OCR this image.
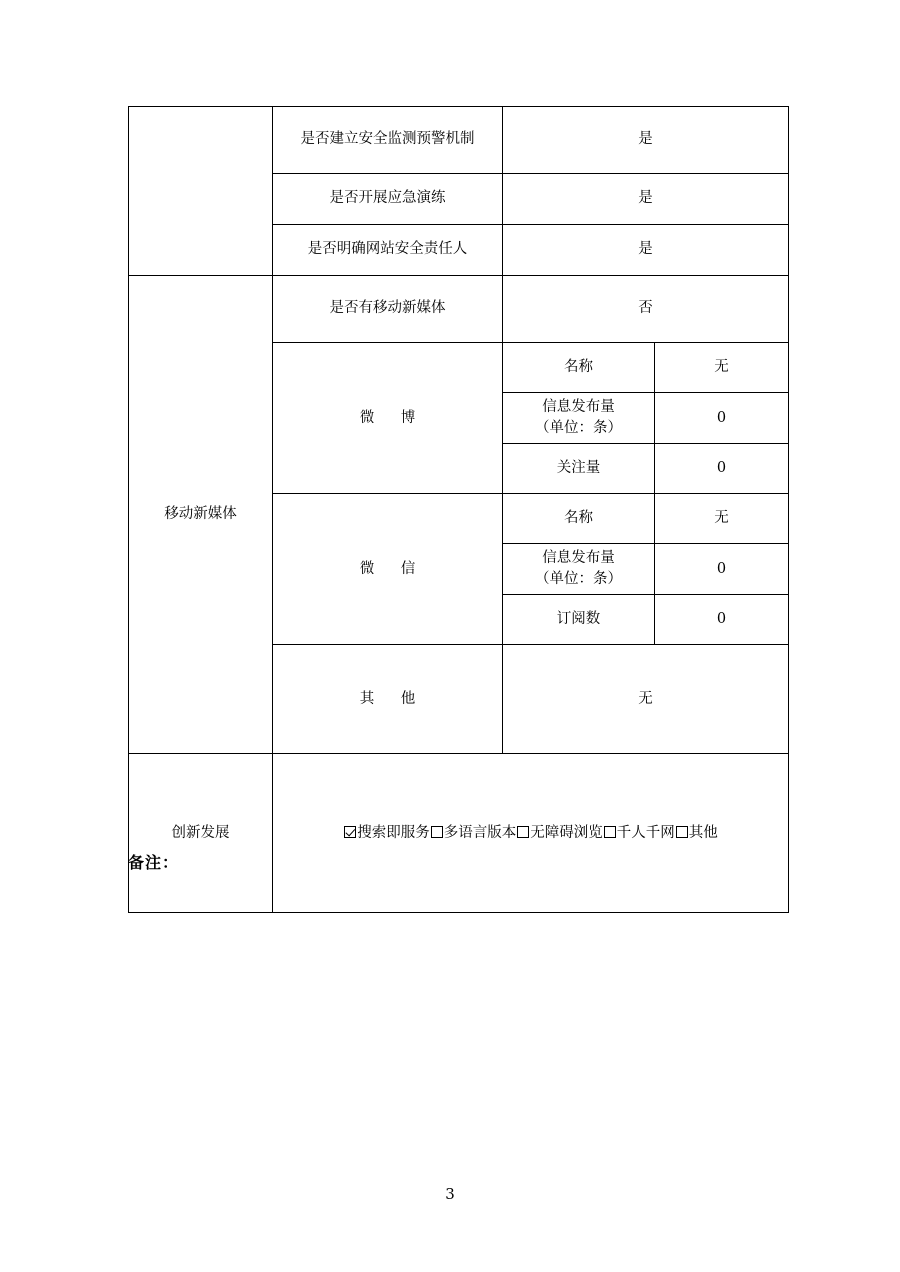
	是否建立安全监测预警机制	是	
	是否开展应急演练	是	
	是否明确网站安全责任人	是	
移动新媒体	是否有移动新媒体	否	
	微　博	名称	无

		信息发布量
（单位：条）	0
		关注量	0
	微　信	名称	无

		信息发布量
（单位：条）	0
		订阅数	0
	其　他	无	
创新发展	搜索即服务 多语言版本 无障碍浏览 千人千网 其他		
备注：
3
